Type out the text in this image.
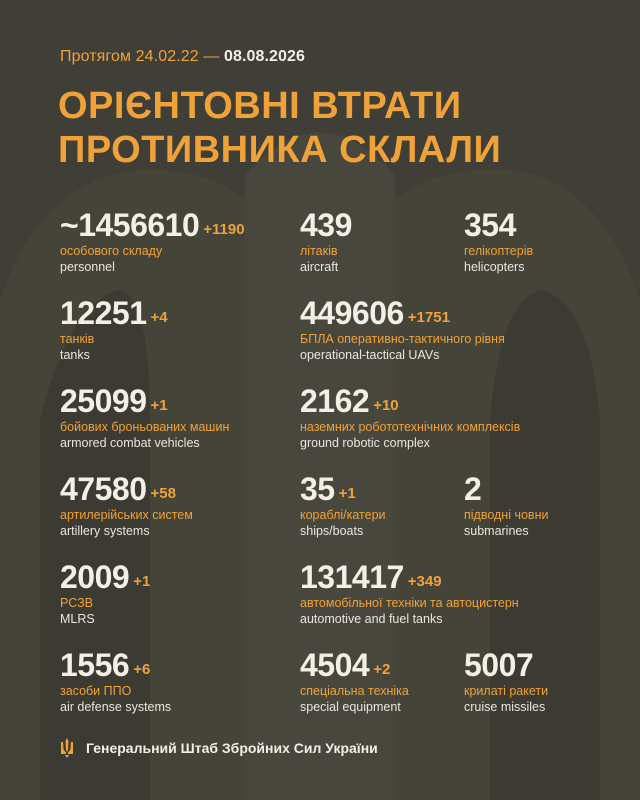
Протягом 24.02.22 — 08.08.2026
ОРІЄНТОВНІ ВТРАТИ
ПРОТИВНИКА СКЛАЛИ
~1456610 +1190
особового складу
personnel
439
літаків
aircraft
354
гелікоптерів
helicopters
12251 +4
танків
tanks
449606 +1751
БПЛА оперативно-тактичного рівня
operational-tactical UAVs
25099 +1
бойових броньованих машин
armored combat vehicles
2162 +10
наземних робототехнічних комплексів
ground robotic complex
47580 +58
артилерійських систем
artillery systems
35 +1
кораблі/катери
ships/boats
2
підводні човни
submarines
2009 +1
РСЗВ
MLRS
131417 +349
автомобільної техніки та автоцистерн
automotive and fuel tanks
1556 +6
засоби ППО
air defense systems
4504 +2
спеціальна техніка
special equipment
5007
крилаті ракети
cruise missiles
Генеральний Штаб Збройних Сил України
